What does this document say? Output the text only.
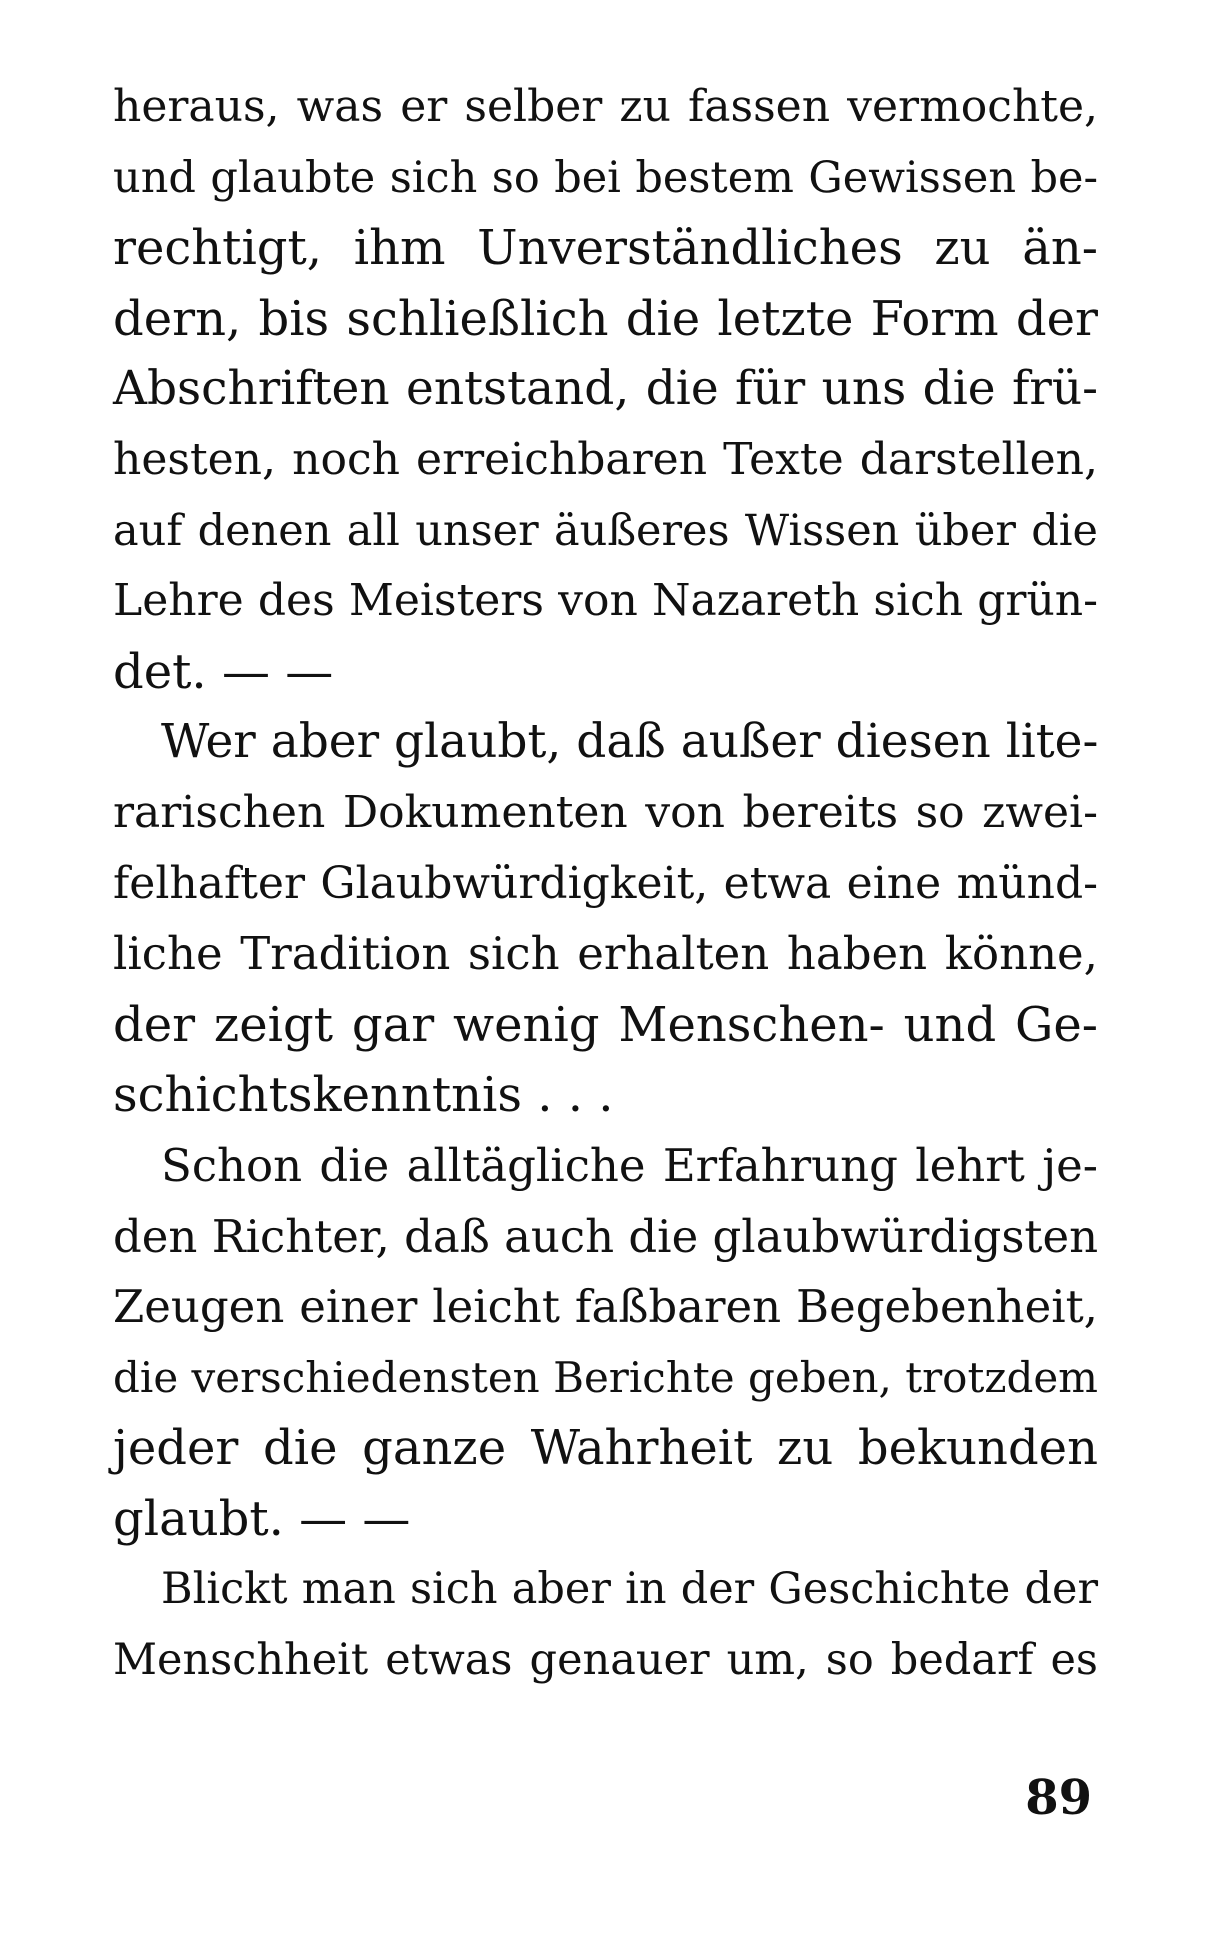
heraus, was er selber zu fassen vermochte,
und glaubte sich so bei bestem Gewissen be-
rechtigt, ihm Unverständliches zu än-
dern, bis schließlich die letzte Form der
Abschriften entstand, die für uns die frü-
hesten, noch erreichbaren Texte darstellen,
auf denen all unser äußeres Wissen über die
Lehre des Meisters von Nazareth sich grün-
det. — —
Wer aber glaubt, daß außer diesen lite-
rarischen Dokumenten von bereits so zwei-
felhafter Glaubwürdigkeit, etwa eine münd-
liche Tradition sich erhalten haben könne,
der zeigt gar wenig Menschen- und Ge-
schichtskenntnis . . .
Schon die alltägliche Erfahrung lehrt je-
den Richter, daß auch die glaubwürdigsten
Zeugen einer leicht faßbaren Begebenheit,
die verschiedensten Berichte geben, trotzdem
jeder die ganze Wahrheit zu bekunden
glaubt. — —
Blickt man sich aber in der Geschichte der
Menschheit etwas genauer um, so bedarf es
89
